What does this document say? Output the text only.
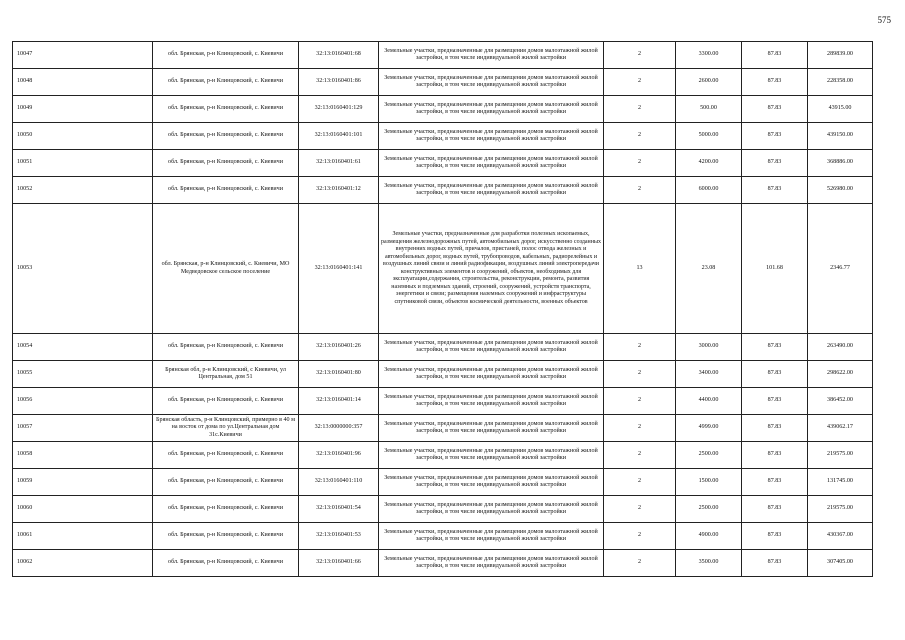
575
10047	обл. Брянская, р-н Клинцовский, с. Киевичи	32:13:0160401:68	Земельные участки, предназначенные для размещения домов малоэтажной жилой застройки, в том числе индивидуальной жилой застройки	2	3300.00	87.83	289839.00
10048	обл. Брянская, р-н Клинцовский, с. Киевичи	32:13:0160401:86	Земельные участки, предназначенные для размещения домов малоэтажной жилой застройки, в том числе индивидуальной жилой застройки	2	2600.00	87.83	228358.00
10049	обл. Брянская, р-н Клинцовский, с. Киевичи	32:13:0160401:129	Земельные участки, предназначенные для размещения домов малоэтажной жилой застройки, в том числе индивидуальной жилой застройки	2	500.00	87.83	43915.00
10050	обл. Брянская, р-н Клинцовский, с. Киевичи	32:13:0160401:101	Земельные участки, предназначенные для размещения домов малоэтажной жилой застройки, в том числе индивидуальной жилой застройки	2	5000.00	87.83	439150.00
10051	обл. Брянская, р-н Клинцовский, с. Киевичи	32:13:0160401:61	Земельные участки, предназначенные для размещения домов малоэтажной жилой застройки, в том числе индивидуальной жилой застройки	2	4200.00	87.83	368886.00
10052	обл. Брянская, р-н Клинцовский, с. Киевичи	32:13:0160401:12	Земельные участки, предназначенные для размещения домов малоэтажной жилой застройки, в том числе индивидуальной жилой застройки	2	6000.00	87.83	526980.00
10053	обл. Брянская, р-н Клинцовский, с. Киевичи, МО Медведовское сельское поселение	32:13:0160401:141	Земельные участки, предназначенные для разработки полезных ископаемых, размещения железнодорожных путей, автомобильных дорог, искусственно созданных внутренних водных путей, причалов, пристаней, полос отвода железных и автомобильных дорог, водных путей, трубопроводов, кабельных, радиорелейных и воздушных линий связи и линий радиофикации, воздушных линий электропередачи конструктивных элементов и сооружений, объектов, необходимых для эксплуатации,содержания, строительства, реконструкции, ремонта, развития наземных и подземных зданий, строений, сооружений, устройств транспорта, энергетики и связи; размещения наземных сооружений и инфраструктуры спутниковой связи, объектов космической деятельности, военных объектов	13	23.08	101.68	2346.77
10054	обл. Брянская, р-н Клинцовский, с. Киевичи	32:13:0160401:26	Земельные участки, предназначенные для размещения домов малоэтажной жилой застройки, в том числе индивидуальной жилой застройки	2	3000.00	87.83	263490.00
10055	Брянская обл, р-н Клинцовский, с Киевичи, ул Центральная, дом 51	32:13:0160401:80	Земельные участки, предназначенные для размещения домов малоэтажной жилой застройки, в том числе индивидуальной жилой застройки	2	3400.00	87.83	298622.00
10056	обл. Брянская, р-н Клинцовский, с. Киевичи	32:13:0160401:14	Земельные участки, предназначенные для размещения домов малоэтажной жилой застройки, в том числе индивидуальной жилой застройки	2	4400.00	87.83	386452.00
10057	Брянская область, р-н Клинцовский, примерно в 40 м на восток от дома по ул.Центральная дом 31с.Киевичи	32:13:0000000:357	Земельные участки, предназначенные для размещения домов малоэтажной жилой застройки, в том числе индивидуальной жилой застройки	2	4999.00	87.83	439062.17
10058	обл. Брянская, р-н Клинцовский, с. Киевичи	32:13:0160401:96	Земельные участки, предназначенные для размещения домов малоэтажной жилой застройки, в том числе индивидуальной жилой застройки	2	2500.00	87.83	219575.00
10059	обл. Брянская, р-н Клинцовский, с. Киевичи	32:13:0160401:110	Земельные участки, предназначенные для размещения домов малоэтажной жилой застройки, в том числе индивидуальной жилой застройки	2	1500.00	87.83	131745.00
10060	обл. Брянская, р-н Клинцовский, с. Киевичи	32:13:0160401:54	Земельные участки, предназначенные для размещения домов малоэтажной жилой застройки, в том числе индивидуальной жилой застройки	2	2500.00	87.83	219575.00
10061	обл. Брянская, р-н Клинцовский, с. Киевичи	32:13:0160401:53	Земельные участки, предназначенные для размещения домов малоэтажной жилой застройки, в том числе индивидуальной жилой застройки	2	4900.00	87.83	430367.00
10062	обл. Брянская, р-н Клинцовский, с. Киевичи	32:13:0160401:66	Земельные участки, предназначенные для размещения домов малоэтажной жилой застройки, в том числе индивидуальной жилой застройки	2	3500.00	87.83	307405.00
